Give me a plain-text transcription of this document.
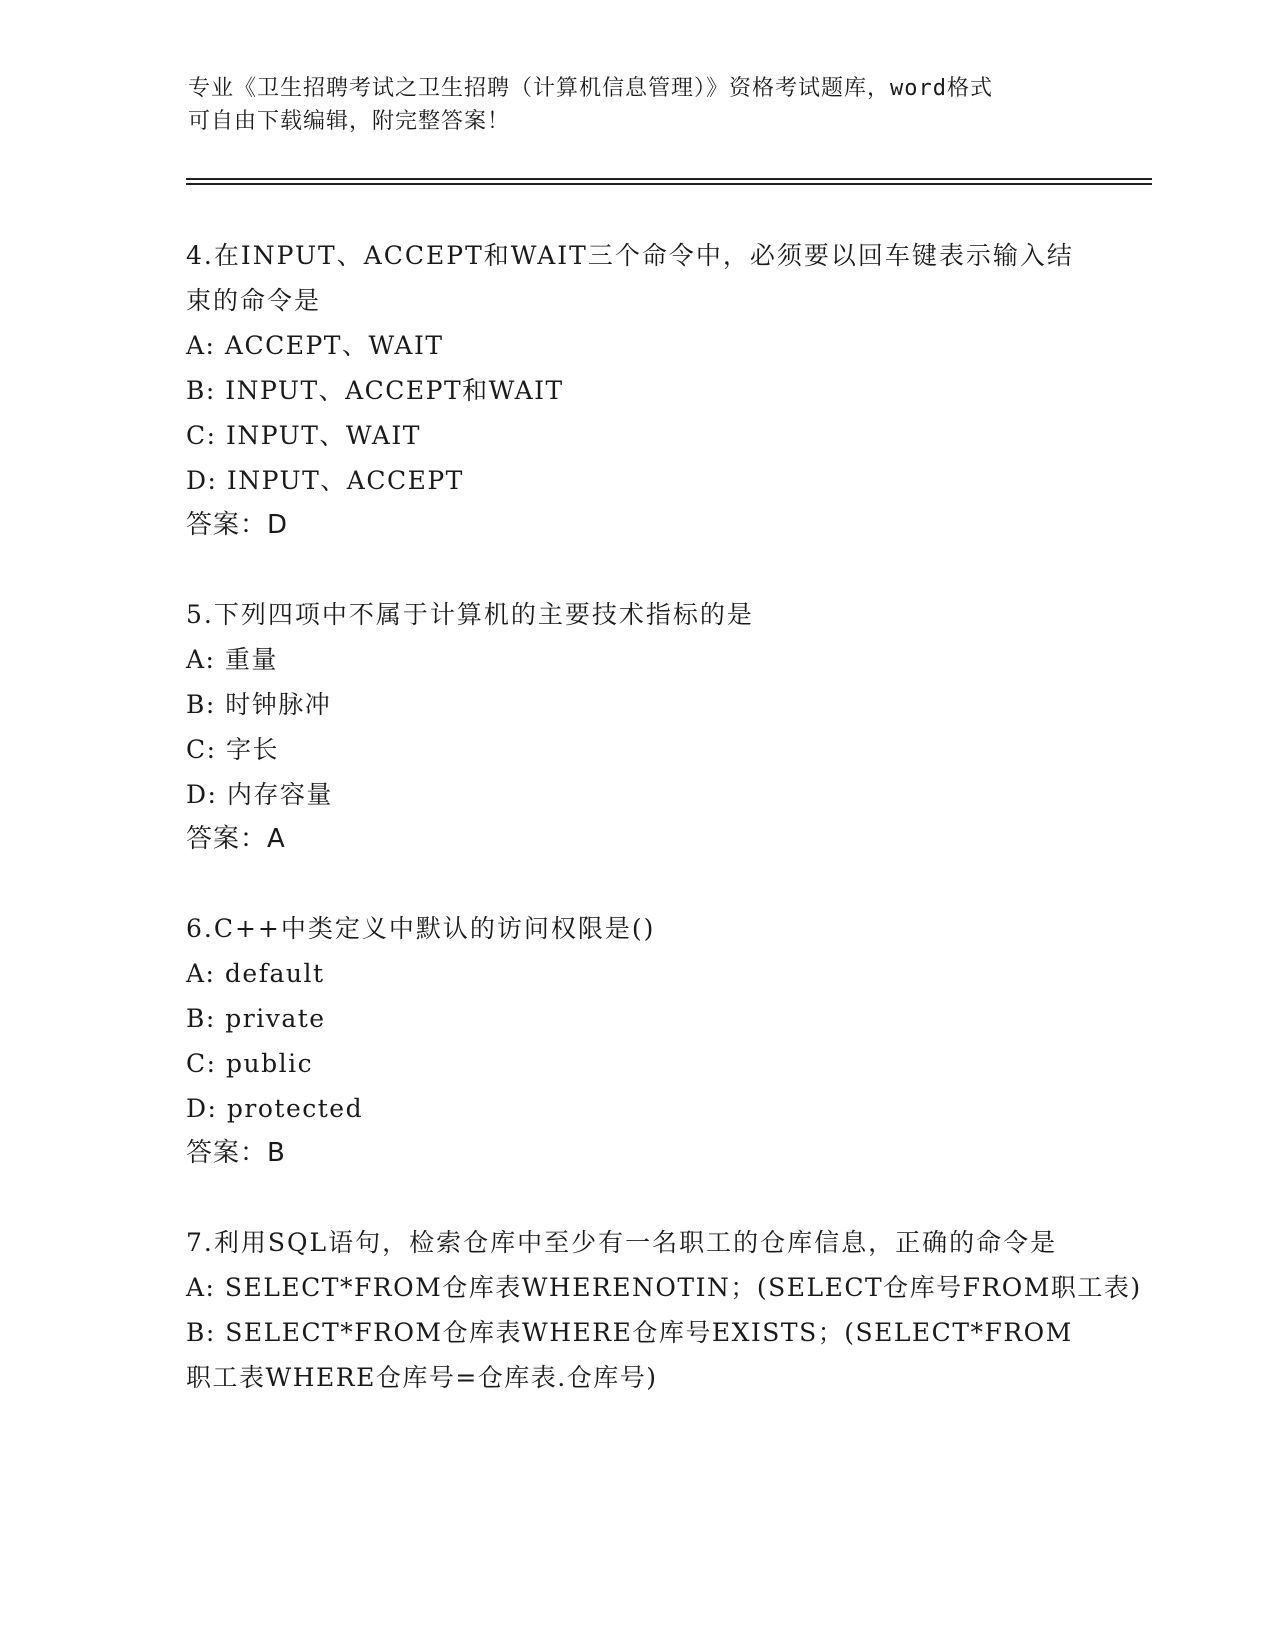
专业《卫生招聘考试之卫生招聘（计算机信息管理）》资格考试题库，word格式
可自由下载编辑，附完整答案！
4.在INPUT、ACCEPT和WAIT三个命令中，必须要以回车键表示输入结束的命令是
A: ACCEPT、WAIT
B: INPUT、ACCEPT和WAIT
C: INPUT、WAIT
D: INPUT、ACCEPT
答案：D
5.下列四项中不属于计算机的主要技术指标的是
A: 重量
B: 时钟脉冲
C: 字长
D: 内存容量
答案：A
6.C++中类定义中默认的访问权限是()
A: default
B: private
C: public
D: protected
答案：B
7.利用SQL语句，检索仓库中至少有一名职工的仓库信息，正确的命令是
A: SELECT*FROM仓库表WHERENOTIN；(SELECT仓库号FROM职工表)
B: SELECT*FROM仓库表WHERE仓库号EXISTS；(SELECT*FROM职工表WHERE仓库号=仓库表.仓库号)
